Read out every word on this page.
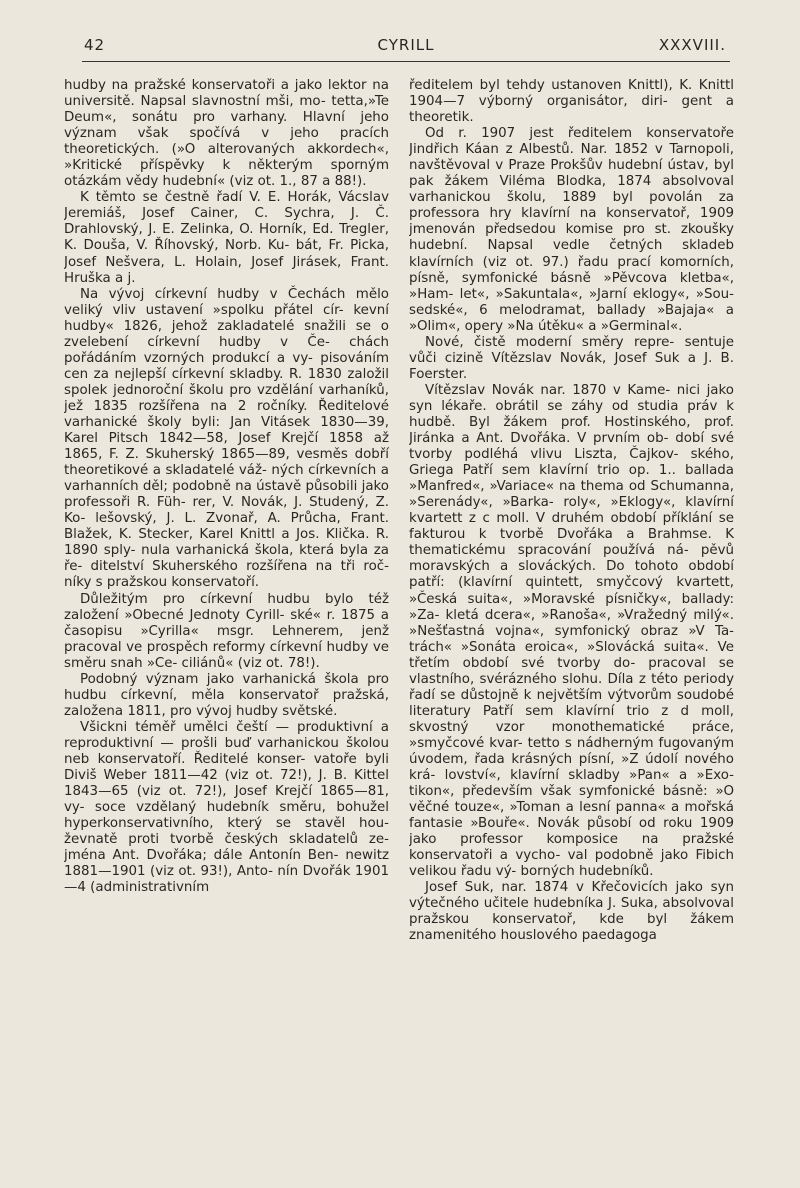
42	CYRILL	XXXVIII.

hudby na pražské konservatoři a jako lektor na universitě. Napsal slavnostní mši, mo- tetta,»Te Deum«, sonátu pro varhany. Hlavní jeho význam však spočívá v jeho pracích theoretických. (»O alterovaných akkordech«, »Kritické příspěvky k některým sporným otázkám vědy hudební« (viz ot. 1., 87 a 88!).

K těmto se čestně řadí V. E. Horák, Vácslav Jeremiáš, Josef Cainer, C. Sychra, J. Č. Drahlovský, J. E. Zelinka, O. Horník, Ed. Tregler, K. Douša, V. Říhovský, Norb. Ku- bát, Fr. Picka, Josef Nešvera, L. Holain, Josef Jirásek, Frant. Hruška a j.

Na vývoj církevní hudby v Čechách mělo veliký vliv ustavení »spolku přátel cír- kevní hudby« 1826, jehož zakladatelé snažili se o zvelebení církevní hudby v Če- chách pořádáním vzorných produkcí a vy- pisováním cen za nejlepší církevní skladby. R. 1830 založil spolek jednoroční školu pro vzdělání varhaníků, jež 1835 rozšířena na 2 ročníky. Ředitelové varhanické školy byli: Jan Vitásek 1830—39, Karel Pitsch 1842—58, Josef Krejčí 1858 až 1865, F. Z. Skuherský 1865—89, vesměs dobří theoretikové a skladatelé váž- ných církevních a varhanních děl; podobně na ústavě působili jako professoři R. Füh- rer, V. Novák, J. Studený, Z. Ko- lešovský, J. L. Zvonař, A. Průcha, Frant. Blažek, K. Stecker, Karel Knittl a Jos. Klička. R. 1890 sply- nula varhanická škola, která byla za ře- ditelství Skuherského rozšířena na tři roč- níky s pražskou konservatoří.

Důležitým pro církevní hudbu bylo též založení »Obecné Jednoty Cyrill- ské« r. 1875 a časopisu »Cyrilla« msgr. Lehnerem, jenž pracoval ve prospěch reformy církevní hudby ve směru snah »Ce- ciliánů« (viz ot. 78!).

Podobný význam jako varhanická škola pro hudbu církevní, měla konservatoř pražská, založena 1811, pro vývoj hudby světské.

Všickni téměř umělci čeští — produktivní a reproduktivní — prošli buď varhanickou školou neb konservatoří. Ředitelé konser- vatoře byli Diviš Weber 1811—42 (viz ot. 72!), J. B. Kittel 1843—65 (viz ot. 72!), Josef Krejčí 1865—81, vy- soce vzdělaný hudebník směru, bohužel hyperkonservativního, který se stavěl hou- ževnatě proti tvorbě českých skladatelů ze- jména Ant. Dvořáka; dále Antonín Ben- newitz 1881—1901 (viz ot. 93!), Anto- nín Dvořák 1901—4 (administrativním

ředitelem byl tehdy ustanoven Knittl), K. Knittl 1904—7 výborný organisátor, diri- gent a theoretik.

Od r. 1907 jest ředitelem konservatoře Jindřich Káan z Albestů. Nar. 1852 v Tarnopoli, navštěvoval v Praze Prokšův hudební ústav, byl pak žákem Viléma Blodka, 1874 absolvoval varhanickou školu, 1889 byl povolán za professora hry klavírní na konservatoř, 1909 jmenován předsedou komise pro st. zkoušky hudební. Napsal vedle četných skladeb klavírních (viz ot. 97.) řadu prací komorních, písně, symfonické básně »Pěvcova kletba«, »Ham- let«, »Sakuntala«, »Jarní eklogy«, »Sou- sedské«, 6 melodramat, ballady »Bajaja« a »Olim«, opery »Na útěku« a »Germinal«.

Nové, čistě moderní směry repre- sentuje vůči cizině Vítězslav Novák, Josef Suk a J. B. Foerster.

Vítězslav Novák nar. 1870 v Kame- nici jako syn lékaře. obrátil se záhy od studia práv k hudbě. Byl žákem prof. Hostinského, prof. Jiránka a Ant. Dvořáka. V prvním ob- dobí své tvorby podléhá vlivu Liszta, Čajkov- ského, Griega Patří sem klavírní trio op. 1.. ballada »Manfred«, »Variace« na thema od Schumanna, »Serenády«, »Barka- roly«, »Eklogy«, klavírní kvartett z c moll. V druhém období příklání se fakturou k tvorbě Dvořáka a Brahmse. K thematickému spracování používá ná- pěvů moravských a slováckých. Do tohoto období patří: (klavírní quintett, smyčcový kvartett, »Česká suita«, »Moravské písničky«, ballady: »Za- kletá dcera«, »Ranoša«, »Vražedný milý«. »Nešťastná vojna«, symfonický obraz »V Ta- trách« »Sonáta eroica«, »Slovácká suita«. Ve třetím období své tvorby do- pracoval se vlastního, svérázného slohu. Díla z této periody řadí se důstojně k největším výtvorům soudobé literatury Patří sem klavírní trio z d moll, skvostný vzor monothematické práce, »smyčcové kvar- tetto s nádherným fugovaným úvodem, řada krásných písní, »Z údolí nového krá- lovství«, klavírní skladby »Pan« a »Exo- tikon«, především však symfonické básně: »O věčné touze«, »Toman a lesní panna« a mořská fantasie »Bouře«. Novák působí od roku 1909 jako professor komposice na pražské konservatoři a vycho- val podobně jako Fibich velikou řadu vý- borných hudebníků.

Josef Suk, nar. 1874 v Křečovicích jako syn výtečného učitele hudebníka J. Suka, absolvoval pražskou konservatoř, kde byl žákem znamenitého houslového paedagoga
